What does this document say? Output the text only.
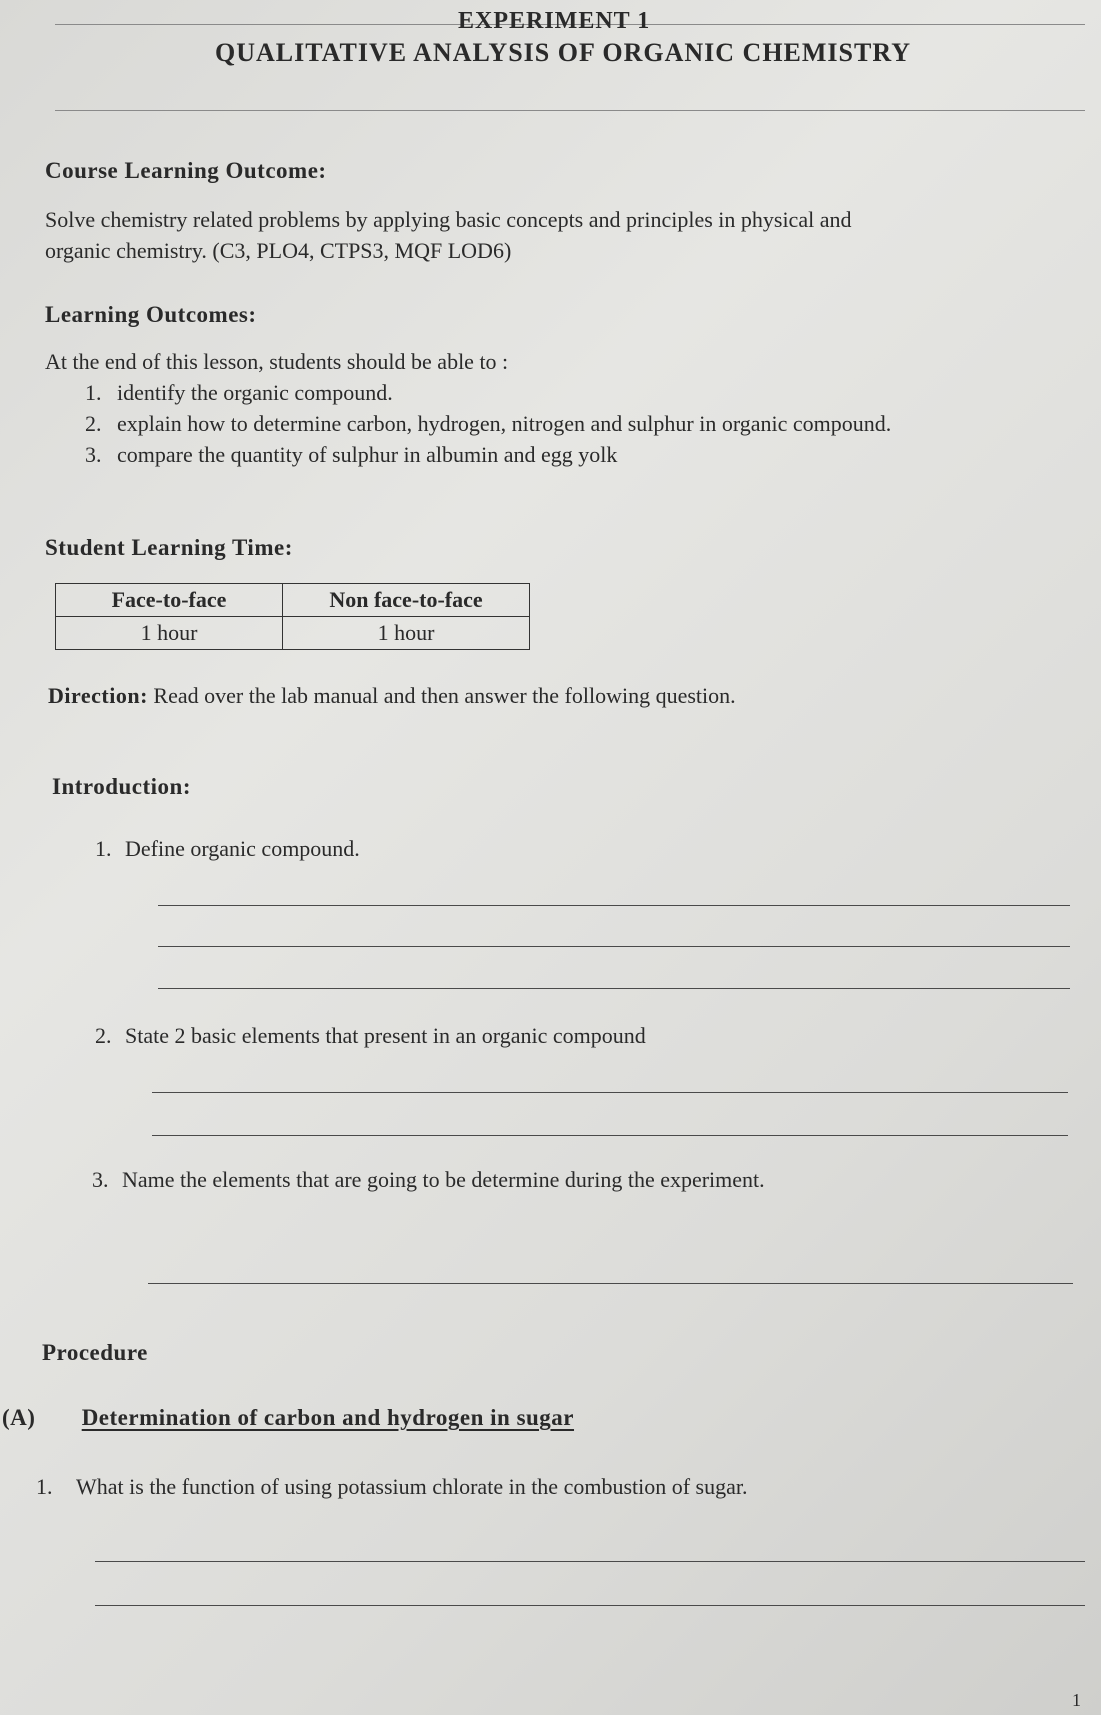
EXPERIMENT 1
QUALITATIVE ANALYSIS OF ORGANIC CHEMISTRY
Course Learning Outcome:
Solve chemistry related problems by applying basic concepts and principles in physical and
organic chemistry. (C3, PLO4, CTPS3, MQF LOD6)
Learning Outcomes:
At the end of this lesson, students should be able to :
1. identify the organic compound.
2. explain how to determine carbon, hydrogen, nitrogen and sulphur in organic compound.
3. compare the quantity of sulphur in albumin and egg yolk
Student Learning Time:
Face-to-face	Non face-to-face
1 hour	1 hour
Direction: Read over the lab manual and then answer the following question.
Introduction:
1. Define organic compound.
2. State 2 basic elements that present in an organic compound
3. Name the elements that are going to be determine during the experiment.
Procedure
(A) Determination of carbon and hydrogen in sugar
1. What is the function of using potassium chlorate in the combustion of sugar.
1
